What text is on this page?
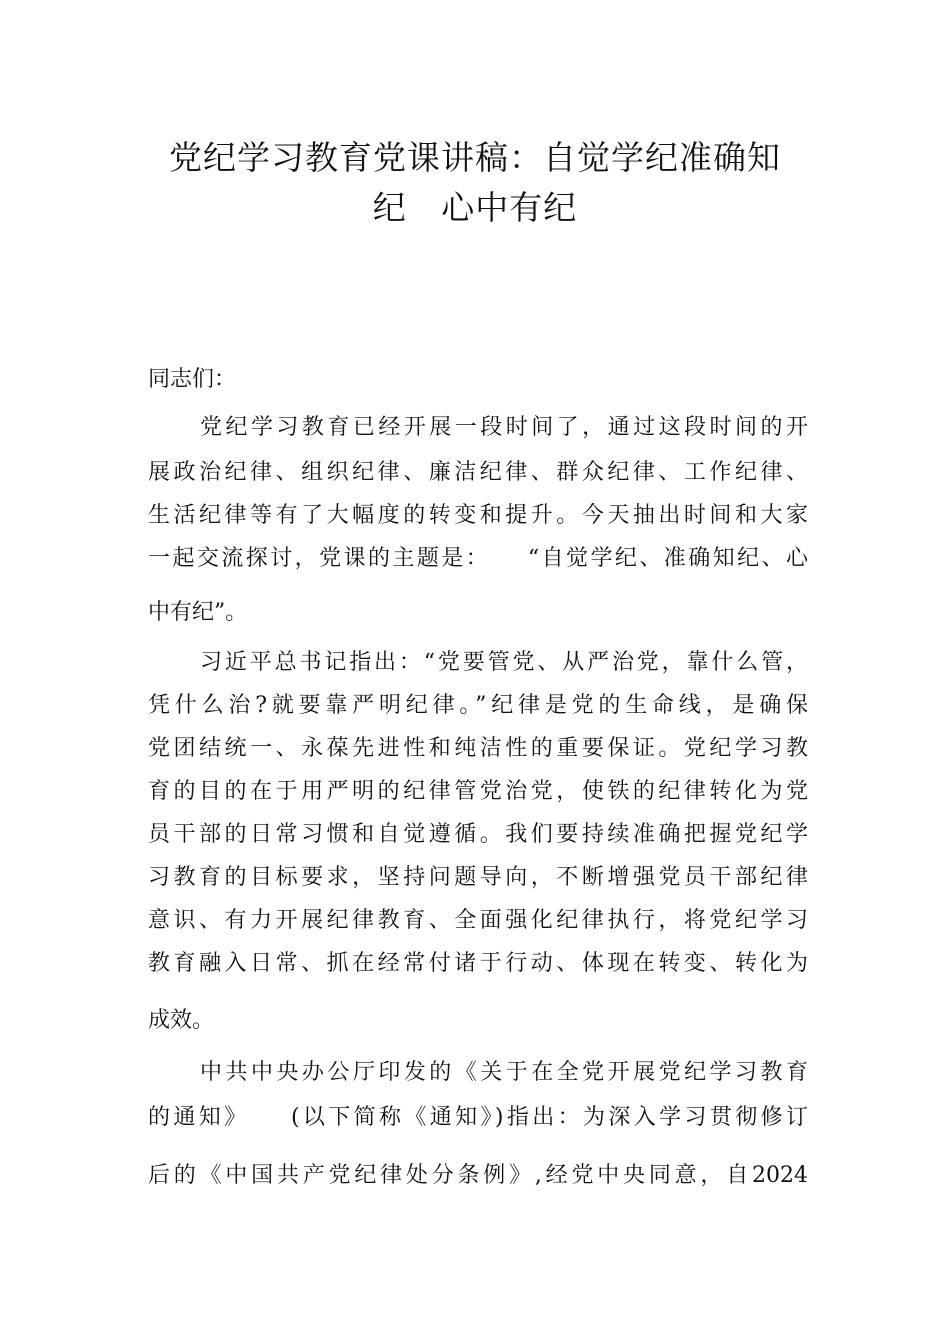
党纪学习教育党课讲稿：自觉学纪准确知
纪   心中有纪
同志们：
党纪学习教育已经开展一段时间了，通过这段时间的开
展政治纪律、组织纪律、廉洁纪律、群众纪律、工作纪律、
生活纪律等有了大幅度的转变和提升。今天抽出时间和大家
一起交流探讨，党课的主题是：    “自觉学纪、准确知纪、心
中有纪”。
习近平总书记指出：“党要管党、从严治党，靠什么管，
凭什么治?就要靠严明纪律。”纪律是党的生命线，是确保
党团结统一、永葆先进性和纯洁性的重要保证。党纪学习教
育的目的在于用严明的纪律管党治党，使铁的纪律转化为党
员干部的日常习惯和自觉遵循。我们要持续准确把握党纪学
习教育的目标要求，坚持问题导向，不断增强党员干部纪律
意识、有力开展纪律教育、全面强化纪律执行，将党纪学习
教育融入日常、抓在经常付诸于行动、体现在转变、转化为
成效。
中共中央办公厅印发的《关于在全党开展党纪学习教育
的通知》    (以下简称《通知》)指出：为深入学习贯彻修订
后的《中国共产党纪律处分条例》,经党中央同意，自2024
